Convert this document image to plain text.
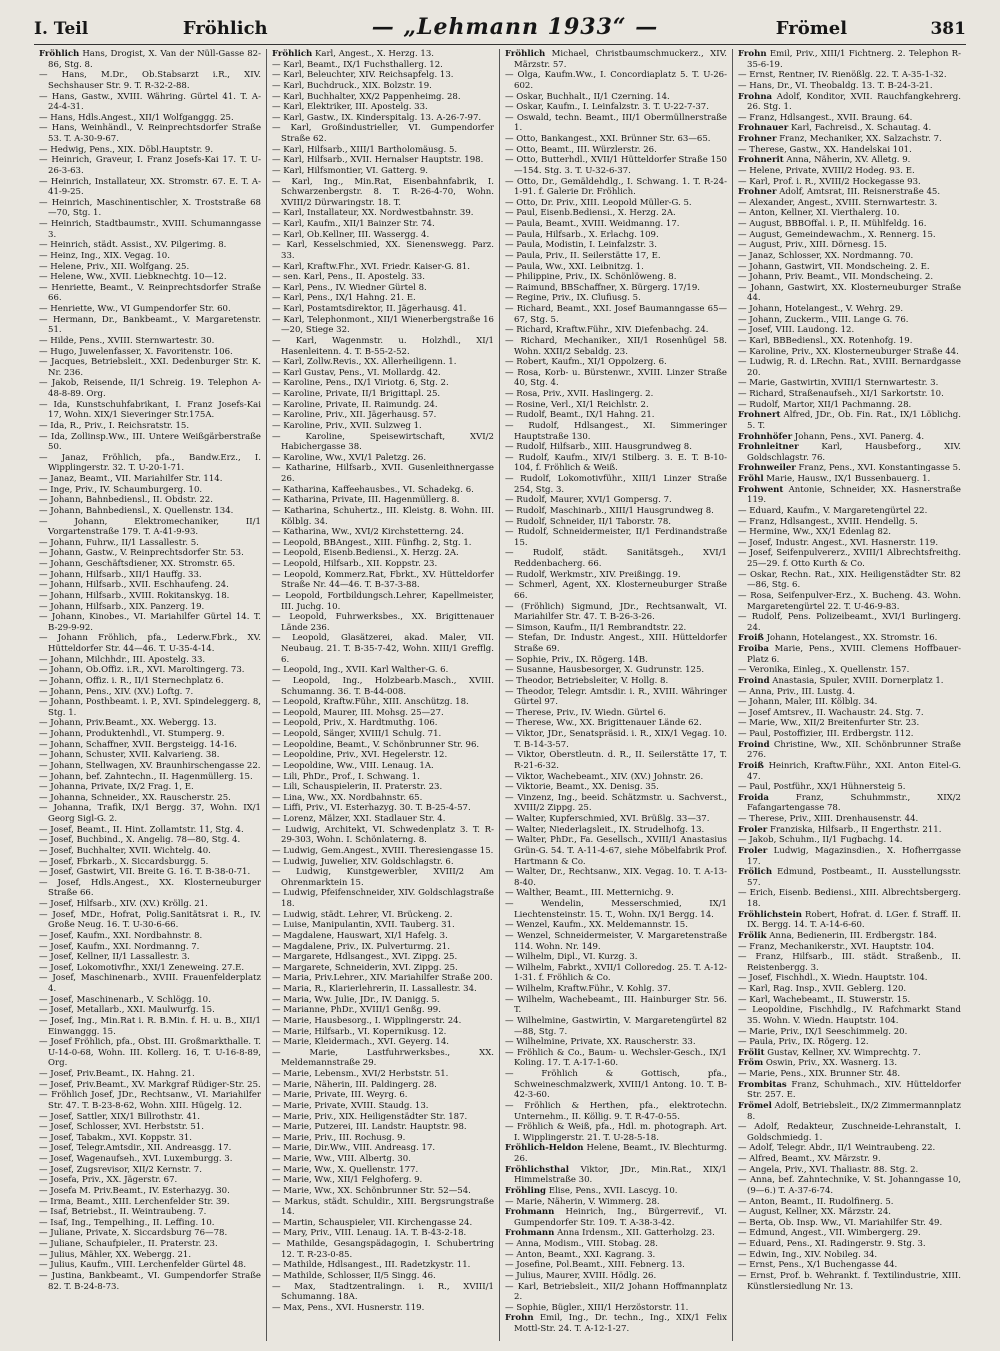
I. Teil	Fröhlich	— „Lehmann 1933“ —	Frömel	381
Fröhlich Hans, Drogist, X. Van der Nüll-Gasse 82-86, Stg. 8.
— Hans, M.Dr., Ob.Stabsarzt i.R., XIV. Sechshauser Str. 9. T. R-32-2-88.
— Hans, Gastw., XVIII. Währing. Gürtel 41. T. A-24-4-31.
— Hans, Hdls.Angest., XII/1 Wolfganggg. 25.
— Hans, Weinhändl., V. Reinprechtsdorfer Straße 53. T. A-30-9-67.
— Hedwig, Pens., XIX. Döbl.Hauptstr. 9.
— Heinrich, Graveur, I. Franz Josefs-Kai 17. T. U-26-3-63.
— Heinrich, Installateur, XX. Stromstr. 67. E. T. A-41-9-25.
— Heinrich, Maschinentischler, X. Troststraße 68—70, Stg. 1.
— Heinrich, Stadtbaumstr., XVIII. Schumanngasse 3.
— Heinrich, städt. Assist., XV. Pilgerimg. 8.
— Heinz, Ing., XIX. Vegag. 10.
— Helene, Priv., XII. Wolfgang. 25.
— Helene, Ww., XVII. Liebknechtg. 10—12.
— Henriette, Beamt., V. Reinprechtsdorfer Straße 66.
— Henriette, Ww., VI Gumpendorfer Str. 60.
— Hermann, Dr., Bankbeamt., V. Margaretenstr. 51.
— Hilde, Pens., XVIII. Sternwartestr. 30.
— Hugo, Juwelenfasser, X. Favoritenstr. 106.
— Jacques, Betriebsleit., XXI. Dedenburger Str. K. Nr. 236.
— Jakob, Reisende, II/1 Schreig. 19. Telephon A-48-8-89. Org.
— Ida, Kunstschuhfabrikant, I. Franz Josefs-Kai 17, Wohn. XIX/1 Sieveringer Str.175A.
— Ida, R., Priv., I. Reichsratstr. 15.
— Ida, Zollinsp.Ww., III. Untere Weißgärberstraße 50.
— Janaz, Fröhlich, pfa., Bandw.Erz., I. Wipplingerstr. 32. T. U-20-1-71.
— Janaz, Beamt., VII. Mariahilfer Str. 114.
— Inge, Priv., IV. Schaumburgerg. 10.
— Johann, Bahnbediensl., II. Obdstr. 22.
— Johann, Bahnbediensl., X. Quellenstr. 134.
— Johann, Elektromechaniker, II/1 Vorgartenstraße 179. T. A-41-9-93.
— Johann, Fuhrw., II/1 Lassallestr. 5.
— Johann, Gastw., V. Reinprechtsdorfer Str. 53.
— Johann, Geschäftsdiener, XX. Stromstr. 65.
— Johann, Hilfsarb., XII/1 Hauffg. 33.
— Johann, Hilfsarb., XVII. Eschhaufeng. 24.
— Johann, Hilfsarb., XVIII. Rokitanskyg. 18.
— Johann, Hilfsarb., XIX. Panzerg. 19.
— Johann, Kinobes., VI. Mariahilfer Gürtel 14. T. B-29-9-92.
— Johann Fröhlich, pfa., Lederw.Fbrk., XV. Hütteldorfer Str. 44—46. T. U-35-4-14.
— Johann, Milchhdr., III. Apostelg. 33.
— Johann, Ob.Offiz. i.R., XVI. Maroltingerg. 73.
— Johann, Offiz. i. R., II/1 Sternechplatz 6.
— Johann, Pens., XIV. (XV.) Loftg. 7.
— Johann, Posthbeamt. i. P., XVI. Spindeleggerg. 8, Stg. 1.
— Johann, Priv.Beamt., XX. Webergg. 13.
— Johann, Produktenhdl., VI. Stumperg. 9.
— Johann, Schaffner, XVII. Bergsteigg. 14-16.
— Johann, Schuster, XVII. Kalvarieng. 38.
— Johann, Stellwagen, XV. Braunhirschengasse 22.
— Johann, bef. Zahntechn., II. Hagenmüllerg. 15.
— Johanna, Private, IX/2 Frag. 1, E.
— Johanna, Schneider., XX. Rauscherstr. 25.
— Johanna, Trafik, IX/1 Bergg. 37, Wohn. IX/1 Georg Sigl-G. 2.
— Josef, Beamt., II. Hint. Zollamtstr. 11, Stg. 4.
— Josef, Buchbind., X. Angelig. 78—80, Stg. 4.
— Josef, Buchhalter, XVII. Wichtelg. 40.
— Josef, Fbrkarb., X. Siccardsburgg. 5.
— Josef, Gastwirt, VII. Breite G. 16. T. B-38-0-71.
— Josef, Hdls.Angest., XX. Klosterneuburger Straße 66.
— Josef, Hilfsarb., XIV. (XV.) Kröllg. 21.
— Josef, MDr., Hofrat, Polig.Sanitätsrat i. R., IV. Große Neug. 16. T. U-30-6-66.
— Josef, Kaufm., XXI. Nordbahnstr. 8.
— Josef, Kaufm., XXI. Nordmanng. 7.
— Josef, Kellner, II/1 Lassallestr. 3.
— Josef, Lokomotivfhr., XXI/1 Zeneweing. 27.E.
— Josef, Maschinenarb., XVIII. Frauenfelderplatz 4.
— Josef, Maschinenarb., V. Schlögg. 10.
— Josef, Metallarb., XXI. Maulwurfg. 15.
— Josef, Ing., Min.Rat i. R. B.Min. f. H. u. B., XII/1 Einwanggg. 15.
— Josef Fröhlich, pfa., Obst. III. Großmarkthalle. T. U-14-0-68, Wohn. III. Kollerg. 16, T. U-16-8-89, Org.
— Josef, Priv.Beamt., IX. Hahng. 21.
— Josef, Priv.Beamt., XV. Markgraf Rüdiger-Str. 25.
— Fröhlich Josef, JDr., Rechtsanw., VI. Mariahilfer Str. 47. T. B-23-8-62, Wohn. XIII. Hügelg. 12.
— Josef, Sattler, XIX/1 Billrothstr. 41.
— Josef, Schlosser, XVI. Herbststr. 51.
— Josef, Tabakm., XVI. Koppstr. 31.
— Josef, Telegr.Amtsdir., XII. Andreasgg. 17.
— Josef, Wagenaufseh., XVI. Luxemburgg. 3.
— Josef, Zugsrevisor, XII/2 Kernstr. 7.
— Josefa, Priv., XX. Jägerstr. 67.
— Josefa M. Priv.Beamt., IV. Esterhazyg. 30.
— Irma, Beamt., XIII. Lerchenfelder Str. 39.
— Isaf, Betriebst., II. Weintraubeng. 7.
— Isaf, Ing., Tempelhing., II. Leffing. 10.
— Juliane, Private, X. Siccardsburg 76—78.
— Juliane, Schaufpieler., II. Praterstr. 23.
— Julius, Mähler, XX. Webergg. 21.
— Julius, Kaufm., VIII. Lerchenfelder Gürtel 48.
— Justina, Bankbeamt., VI. Gumpendorfer Straße 82. T. B-24-8-73.
Fröhlich Karl, Angest., X. Herzg. 13.
— Karl, Beamt., IX/1 Fuchsthallerg. 12.
— Karl, Beleuchter, XIV. Reichsapfelg. 13.
— Karl, Buchdruck., XIX. Bolzstr. 19.
— Karl, Buchhalter, XX/2 Pappenheimg. 28.
— Karl, Elektriker, III. Apostelg. 33.
— Karl, Gastw., IX. Kinderspitalg. 13. A-26-7-97.
— Karl, Großindustrieller, VI. Gumpendorfer Straße 62.
— Karl, Hilfsarb., XIII/1 Bartholomäusg. 5.
— Karl, Hilfsarb., XVII. Hernalser Hauptstr. 198.
— Karl, Hilfsmontier, VI. Gatterg. 9.
— Karl, Ing., Min.Rat, Eisenbahnfabrik, I. Schwarzenbergstr. 8. T. R-26-4-70, Wohn. XVIII/2 Dürwaringstr. 18. T.
— Karl, Installateur, XX. Nordwestbahnstr. 39.
— Karl, Kaufm., XII/1 Bainzer Str. 74.
— Karl, Ob.Kellner, III. Wassergg. 4.
— Karl, Kesselschmied, XX. Sienenswegg. Parz. 33.
— Karl, Kraftw.Fhr., XVI. Friedr. Kaiser-G. 81.
— sen. Karl, Pens., II. Apostelg. 33.
— Karl, Pens., IV. Wiedner Gürtel 8.
— Karl, Pens., IX/1 Hahng. 21. E.
— Karl, Postamtsdirektor, II. Jägerhausg. 41.
— Karl, Telephonmont., XII/1 Wienerbergstraße 16—20, Stiege 32.
— Karl, Wagenmstr. u. Holzhdl., XI/1 Hasenleitenn. 4. T. B-55-2-52.
— Karl, Zollw.Revis., XX. Allerheiligenn. 1.
— Karl Gustav, Pens., VI. Mollardg. 42.
— Karoline, Pens., IX/1 Viriotg. 6, Stg. 2.
— Karoline, Private, II/1 Brigittapl. 25.
— Karoline, Private, II. Raimundg. 24.
— Karoline, Priv., XII. Jägerhausg. 57.
— Karoline, Priv., XVII. Sulzweg 1.
— Karoline, Speisewirtschaft, XVI/2 Habichergasse 38.
— Karoline, Ww., XVI/1 Paletzg. 26.
— Katharine, Hilfsarb., XVII. Gusenleithnergasse 26.
— Katharina, Kaffeehausbes., VI. Schadekg. 6.
— Katharina, Private, III. Hagenmüllerg. 8.
— Katharina, Schuhertz., III. Kleistg. 8. Wohn. III. Kölblg. 34.
— Katharina, Ww., XVI/2 Kirchstetterng. 24.
— Leopold, BBAngest., XIII. Fünfhg. 2, Stg. 1.
— Leopold, Eisenb.Bediensi., X. Herzg. 2A.
— Leopold, Hilfsarb., XII. Koppstr. 23.
— Leopold, Kommerz.Rat, Fbrkt., XV. Hütteldorfer Straße Nr. 44—46. T. B-37-3-88.
— Leopold, Fortbildungsch.Lehrer, Kapellmeister, III. Juchg. 10.
— Leopold, Fuhrwerksbes., XX. Brigittenauer Lände 236.
— Leopold, Glasätzerei, akad. Maler, VII. Neubaug. 21. T. B-35-7-42, Wohn. XIII/1 Grefflg. 6.
— Leopold, Ing., XVII. Karl Walther-G. 6.
— Leopold, Ing., Holzbearb.Masch., XVIII. Schumanng. 36. T. B-44-008.
— Leopold, Kraftw.Führ., XIII. Anschützg. 18.
— Leopold, Maurer, III. Mohsg. 25—27.
— Leopold, Priv., X. Hardtmuthg. 106.
— Leopold, Sänger, XVIII/1 Schulg. 71.
— Leopoldine, Beamt., V. Schönbrunner Str. 96.
— Leopoldine, Priv., XVI. Hegelerstr. 12.
— Leopoldine, Ww., VIII. Lenaug. 1A.
— Lili, PhDr., Prof., I. Schwang. 1.
— Lili, Schauspielerin, II. Praterstr. 23.
— Lina, Ww., XX. Nordbahnstr. 65.
— Liffi, Priv., VI. Esterhazyg. 30. T. B-25-4-57.
— Lorenz, Mälzer, XXI. Stadlauer Str. 4.
— Ludwig, Architekt, VI. Schwedenplatz 3. T. R-29-303, Wohn. I. Schönlaterng. 8.
— Ludwig, Gem.Angest., XVIII. Theresiengasse 15.
— Ludwig, Juwelier, XIV. Goldschlagstr. 6.
— Ludwig, Kunstgewerbler, XVIII/2 Am Ohrenmarktein 15.
— Ludwig, Pfeifenschneider, XIV. Goldschlagstraße 18.
— Ludwig, städt. Lehrer, VI. Brückeng. 2.
— Luise, Manipulantin, XVII. Tauberg. 31.
— Magdalene, Hauswart, XI/1 Hafelg. 3.
— Magdalene, Priv., IX. Pulverturmg. 21.
— Margarete, Hdlsangest., XVI. Zippg. 25.
— Margarete, Schneiderin, XVI. Zippg. 25.
— Maria, Priv.Lehrer., XIV. Mariahilfer Straße 200.
— Maria, R., Klarierlehrerin, II. Lassallestr. 34.
— Maria, Ww. Julie, JDr., IV. Danigg. 5.
— Marianne, PhDr., XVIII/1 Genßg. 99.
— Marie, Hausbesorg., I. Wipplingerstr. 24.
— Marie, Hilfsarb., VI. Kopernikusg. 12.
— Marie, Kleidermach., XVI. Geyerg. 14.
— Marie, Lastfuhrwerksbes., XX. Meldemannstraße 29.
— Marie, Lebensm., XVI/2 Herbststr. 51.
— Marie, Näherin, III. Paldingerg. 28.
— Marie, Private, III. Weyrg. 6.
— Marie, Private, XVIII. Staudg. 13.
— Marie, Priv., XIX. Heiligenstädter Str. 187.
— Marie, Putzerei, III. Landstr. Hauptstr. 98.
— Marie, Priv., III. Rochusg. 9.
— Marie, Dir.Ww., VIII. Andreasg. 17.
— Marie, Ww., VIII. Albertg. 30.
— Marie, Ww., X. Quellenstr. 177.
— Marie, Ww., XII/1 Felghoferg. 9.
— Marie, Ww., XX. Schönbrunner Str. 52—54.
— Markus, städt. Schuldir., XIII. Bergsrungstraße 14.
— Martin, Schauspieler, VII. Kirchengasse 24.
— Mary, Priv., VIII. Lenaug. 1A. T. B-43-2-18.
— Mathilde, Gesangspädagogin, I. Schubertring 12. T. R-23-0-85.
— Mathilde, Hdlsangest., III. Radetzkystr. 11.
— Mathilde, Schlosser, II/5 Singg. 46.
— Max, Stadtzentralingn. i. R., XVIII/1 Schumanng. 18A.
— Max, Pens., XVI. Husnerstr. 119.
Fröhlich Michael, Christbaumschmuckerz., XIV. Märzstr. 57.
— Olga, Kaufm.Ww., I. Concordiaplatz 5. T. U-26-602.
— Oskar, Buchhalt., II/1 Czerning. 14.
— Oskar, Kaufm., I. Leinfalzstr. 3. T. U-22-7-37.
— Oswald, techn. Beamt., III/1 Obermüllnerstraße 1.
— Otto, Bankangest., XXI. Brünner Str. 63—65.
— Otto, Beamt., III. Würzlerstr. 26.
— Otto, Butterhdl., XVII/1 Hütteldorfer Straße 150—154. Stg. 3. T. U-32-6-37.
— Otto, Dr., Gemäldehdlg., I. Schwang. 1. T. R-24-1-91. f. Galerie Dr. Fröhlich.
— Otto, Dr. Priv., XIII. Leopold Müller-G. 5.
— Paul, Eisenb.Bediensi., X. Herzg. 2A.
— Paula, Beamt., XVIII. Weidmanng. 17.
— Paula, Hilfsarb., X. Erlachg. 109.
— Paula, Modistin, I. Leinfalzstr. 3.
— Paula, Priv., II. Seilerstätte 17, E.
— Paula, Ww., XXI. Leibnitzg. 1.
— Philippine, Priv., IX. Schönlöweng. 8.
— Raimund, BBSchaffner, X. Bürgerg. 17/19.
— Regine, Priv., IX. Clufiusg. 5.
— Richard, Beamt., XXI. Josef Baumanngasse 65—67, Stg. 5.
— Richard, Kraftw.Führ., XIV. Diefenbachg. 24.
— Richard, Mechaniker., XII/1 Rosenhügel 58. Wohn. XXII/2 Sebaldg. 23.
— Robert, Kaufm., XI/1 Oppolzerg. 6.
— Rosa, Korb- u. Bürstenwr., XVIII. Linzer Straße 40, Stg. 4.
— Rosa, Priv., XVII. Haslingerg. 2.
— Rosine, Verl., XI/1 Reichlstr. 2.
— Rudolf, Beamt., IX/1 Hahng. 21.
— Rudolf, Hdlsangest., XI. Simmeringer Hauptstraße 130.
— Rudolf, Hilfsarb., XIII. Hausgrundweg 8.
— Rudolf, Kaufm., XIV/1 Stilberg. 3. E. T. B-10-104, f. Fröhlich & Weiß.
— Rudolf, Lokomotivführ., XIII/1 Linzer Straße 254, Stg. 3.
— Rudolf, Maurer, XVI/1 Gompersg. 7.
— Rudolf, Maschinarb., XIII/1 Hausgrundweg 8.
— Rudolf, Schneider, II/1 Taborstr. 78.
— Rudolf, Schneidermeister, II/1 Ferdinandstraße 15.
— Rudolf, städt. Sanitätsgeh., XVI/1 Reddenbacherg. 66.
— Rudolf, Werkmstr., XIV. Preißingg. 19.
— Schmerl, Agent, XX. Klosterneuburger Straße 66.
— (Fröhlich) Sigmund, JDr., Rechtsanwalt, VI. Mariahilfer Str. 47. T. B-26-3-26.
— Simson, Kaufm., II/1 Rembrandtstr. 22.
— Stefan, Dr. Industr. Angest., XIII. Hütteldorfer Straße 69.
— Sophie, Priv., IX. Rögerg. 14B.
— Susanne, Hausbesorger, X. Gudrunstr. 125.
— Theodor, Betriebsleiter, V. Hollg. 8.
— Theodor, Telegr. Amtsdir. i. R., XVIII. Währinger Gürtel 97.
— Therese, Priv., IV. Wiedn. Gürtel 6.
— Therese, Ww., XX. Brigittenauer Lände 62.
— Viktor, JDr., Senatspräsid. i. R., XIX/1 Vegag. 10. T. B-14-3-57.
— Viktor, Oberstleutn. d. R., II. Seilerstätte 17, T. R-21-6-32.
— Viktor, Wachebeamt., XIV. (XV.) Johnstr. 26.
— Viktorie, Beamt., XX. Denisg. 35.
— Vinzenz, Ing., beeid. Schätzmstr. u. Sachverst., XVIII/2 Zippg. 25.
— Walter, Kupferschmied, XVI. Brüßlg. 33—37.
— Walter, Niederlagsleit., IX. Strudelhofg. 13.
— Walter, PhDr., Fa. Gesellsch., XVIII/1 Anastasius Grün-G. 54. T. A-11-4-67, siehe Möbelfabrik Prof. Hartmann & Co.
— Walter, Dr., Rechtsanw., XIX. Vegag. 10. T. A-13-8-40.
— Walther, Beamt., III. Metternichg. 9.
— Wendelin, Messerschmied, IX/1 Liechtensteinstr. 15. T., Wohn. IX/1 Bergg. 14.
— Wenzel, Kaufm., XX. Meldemannstr. 15.
— Wenzel, Schneidermeister, V. Margaretenstraße 114. Wohn. Nr. 149.
— Wilhelm, Dipl., VI. Kurzg. 3.
— Wilhelm, Fabrkt., XVII/1 Colloredog. 25. T. A-12-1-31. f. Fröhlich & Co.
— Wilhelm, Kraftw.Führ., V. Kohlg. 37.
— Wilhelm, Wachebeamt., III. Hainburger Str. 56. T.
— Wilhelmine, Gastwirtin, V. Margaretengürtel 82—88, Stg. 7.
— Wilhelmine, Private, XX. Rauscherstr. 33.
— Fröhlich & Co., Baum- u. Wechsler-Gesch., IX/1 Koling. 17. T. A-17-1-60.
— Fröhlich & Gottisch, pfa., Schweineschmalzwerk, XVIII/1 Antong. 10. T. B-42-3-60.
— Fröhlich & Herthen, pfa., elektrotechn. Unternehm., II. Köllig. 9. T. R-47-0-55.
— Fröhlich & Weiß, pfa., Hdl. m. photograph. Art. I. Wipplingerstr. 21. T. U-28-5-18.
Fröhlich-Heldon Helene, Beamt., IV. Blechturmg. 26.
Fröhlichsthal Viktor, JDr., Min.Rat., XIX/1 Himmelstraße 30.
Fröhling Elise, Pens., XVII. Lascyg. 10.
— Marie, Näherin, V. Wimmerg. 28.
Frohmann Heinrich, Ing., Bürgerrevif., VI. Gumpendorfer Str. 109. T. A-38-3-42.
Frohmann Anna Irdensm., XII. Gatterholzg. 23.
— Anna, Modism., VIII. Stobag. 28.
— Anton, Beamt., XXI. Kagrang. 3.
— Josefine, Pol.Beamt., XIII. Febnerg. 13.
— Julius, Maurer, XVIII. Hödlg. 26.
— Karl, Betriebsleit., XII/2 Johann Hoffmannplatz 2.
— Sophie, Bügler., XIII/1 Herzöstorstr. 11.
Frohn Emil, Ing., Dr. techn., Ing., XIX/1 Felix Mottl-Str. 24. T. A-12-1-27.
Frohn Emil, Priv., XIII/1 Fichtnerg. 2. Telephon R-35-6-19.
— Ernst, Rentner, IV. Rienößlg. 22. T. A-35-1-32.
— Hans, Dr., VI. Theobaldg. 13. T. B-24-3-21.
Frohna Adolf, Konditor, XVII. Rauchfangkehrerg. 26. Stg. 1.
— Franz, Hdlsangest., XVII. Braung. 64.
Frohnauer Karl, Fachreisd., X. Schautag. 4.
Frohner Franz, Mechaniker, XX. Salzachstr. 7.
— Therese, Gastw., XX. Handelskai 101.
Frohnerit Anna, Näherin, XV. Alletg. 9.
— Helene, Private, XVIII/2 Hodeg. 93. E.
— Karl, Prof. i. R., XVIII/2 Hockegasse 93.
Frohner Adolf, Amtsrat, III. Reisnerstraße 45.
— Alexander, Angest., XVIII. Sternwartestr. 3.
— Anton, Kellner, XI. Vierthalerg. 10.
— August, BBBOffal. i. P., II. Mühlfeldg. 16.
— August, Gemeindewachm., X. Rennerg. 15.
— August, Priv., XIII. Dörnesg. 15.
— Janaz, Schlosser, XX. Nordmanng. 70.
— Johann, Gastwirt, VII. Mondscheing. 2. E.
— Johann, Priv. Beamt., VII. Mondscheing. 2.
— Johann, Gastwirt, XX. Klosterneuburger Straße 44.
— Johann, Hotelangest., V. Wehrg. 29.
— Johann, Zuckerm., VIII. Lange G. 76.
— Josef, VIII. Laudong. 12.
— Karl, BBBediensl., XX. Rotenhofg. 19.
— Karoline, Priv., XX. Klosterneuburger Straße 44.
— Ludwig, R. d. LRechn. Rat., XVIII. Bernardgasse 20.
— Marie, Gastwirtin, XVIII/1 Sternwartestr. 3.
— Richard, Straßenaufseh., XI/1 Sarkortstr. 10.
— Rudolf, Martor, XII/1 Pachmanng. 28.
Frohnert Alfred, JDr., Ob. Fin. Rat., IX/1 Löblichg. 5. T.
Frohnhöfer Johann, Pens., XVI. Panerg. 4.
Frohnleitner Karl, Hausbeforg., XIV. Goldschlagstr. 76.
Frohnweiler Franz, Pens., XVI. Konstantingasse 5.
Fröhl Marie, Hausw., IX/1 Bussenbauerg. 1.
Frohwent Antonie, Schneider, XX. Hasnerstraße 119.
— Eduard, Kaufm., V. Margaretengürtel 22.
— Franz, Hdlsangest., XVIII. Hendellg. 5.
— Hermine, Ww., XX/1 Edenlag 82.
— Josef, Industr. Angest., XVI. Hasnerstr. 119.
— Josef, Seifenpulvererz., XVIII/1 Albrechtsfreithg. 25—29. f. Otto Kurth & Co.
— Oskar, Rechn. Rat., XIX. Heiligenstädter Str. 82—86, Stg. 6.
— Rosa, Seifenpulver-Erz., X. Bucheng. 43. Wohn. Margaretengürtel 22. T. U-46-9-83.
— Rudolf, Pens. Polizeibeamt., XVI/1 Burlingerg. 24.
Froiß Johann, Hotelangest., XX. Stromstr. 16.
Froiba Marie, Pens., XVIII. Clemens Hoffbauer-Platz 6.
— Veronika, Einleg., X. Quellenstr. 157.
Froind Anastasia, Spuler, XVIII. Dornerplatz 1.
— Anna, Priv., III. Lustg. 4.
— Johann, Maler, III. Kölblg. 34.
— Josef Amtsrev., II. Wachaustr. 24. Stg. 7.
— Marie, Ww., XII/2 Breitenfurter Str. 23.
— Paul, Postoffizier, III. Erdbergstr. 112.
Froind Christine, Ww., XII. Schönbrunner Straße 276.
Froiß Heinrich, Kraftw.Führ., XXI. Anton Eitel-G. 47.
— Paul, Postführ., XX/1 Hühnersteig 5.
Froida Franz, Schuhmmstr., XIX/2 Fafangartengasse 78.
— Therese, Priv., XIII. Drenhausenstr. 44.
Froler Franziska, Hilfsarb., II Engerthstr. 211.
— Jakob, Schuhm., II/1 Fugbachg. 14.
Froler Ludwig, Magazinsdien., X. Hofherrgasse 17.
Frölich Edmund, Postbeamt., II. Ausstellungsstr. 57.
— Erich, Eisenb. Bediensi., XIII. Albrechtsbergerg. 18.
Fröhlichstein Robert, Hofrat. d. LGer. f. Straff. II. IX. Bergg. 14. T. A-14-6-60.
Frölik Anna, Bedienerin, III. Erdbergstr. 184.
— Franz, Mechanikerstr., XVI. Hauptstr. 104.
— Franz, Hilfsarb., III. städt. Straßenb., II. Reistenbergg. 3.
— Josef, Fischhdl., X. Wiedn. Hauptstr. 104.
— Karl, Rag. Insp., XVII. Geblerg. 120.
— Karl, Wachebeamt., II. Stuwerstr. 15.
— Leopoldine, Fischhdlg., IV. Rafchmarkt Stand 35. Wohn. V. Wiedn. Hauptstr. 104.
— Marie, Priv., IX/1 Seeschimmelg. 20.
— Paula, Priv., IX. Rögerg. 12.
Frölit Gustav, Kellner, XV. Wimprechtg. 7.
Fröm Oswin, Priv., XX. Wasnerg. 13.
— Marie, Pens., XIX. Brunner Str. 48.
Frombitas Franz, Schuhmach., XIV. Hütteldorfer Str. 257. E.
Frömel Adolf, Betriebsleit., IX/2 Zimmermannplatz 8.
— Adolf, Redakteur, Zuschneide-Lehranstalt, I. Goldschmiedg. 1.
— Adolf, Telegr. Abdr., II/1 Weintraubeng. 22.
— Alfred, Beamt., XV. Märzstr. 9.
— Angela, Priv., XVI. Thaliastr. 88. Stg. 2.
— Anna, bef. Zahntechnike, V. St. Johanngasse 10, (9—6.) T. A-37-6-74.
— Anton, Beamt., II. Rudolfinerg. 5.
— August, Kellner, XX. Märzstr. 24.
— Berta, Ob. Insp. Ww., VI. Mariahilfer Str. 49.
— Edmund, Angest., VII. Wimbergerg. 29.
— Eduard, Pens., XI. Radingerstr. 9. Stg. 3.
— Edwin, Ing., XIV. Nobileg. 34.
— Ernst, Pens., X/1 Buchengasse 44.
— Ernst, Prof. b. Wehrankt. f. Textilindustrie, XIII. Künstlersiedlung Nr. 13.
